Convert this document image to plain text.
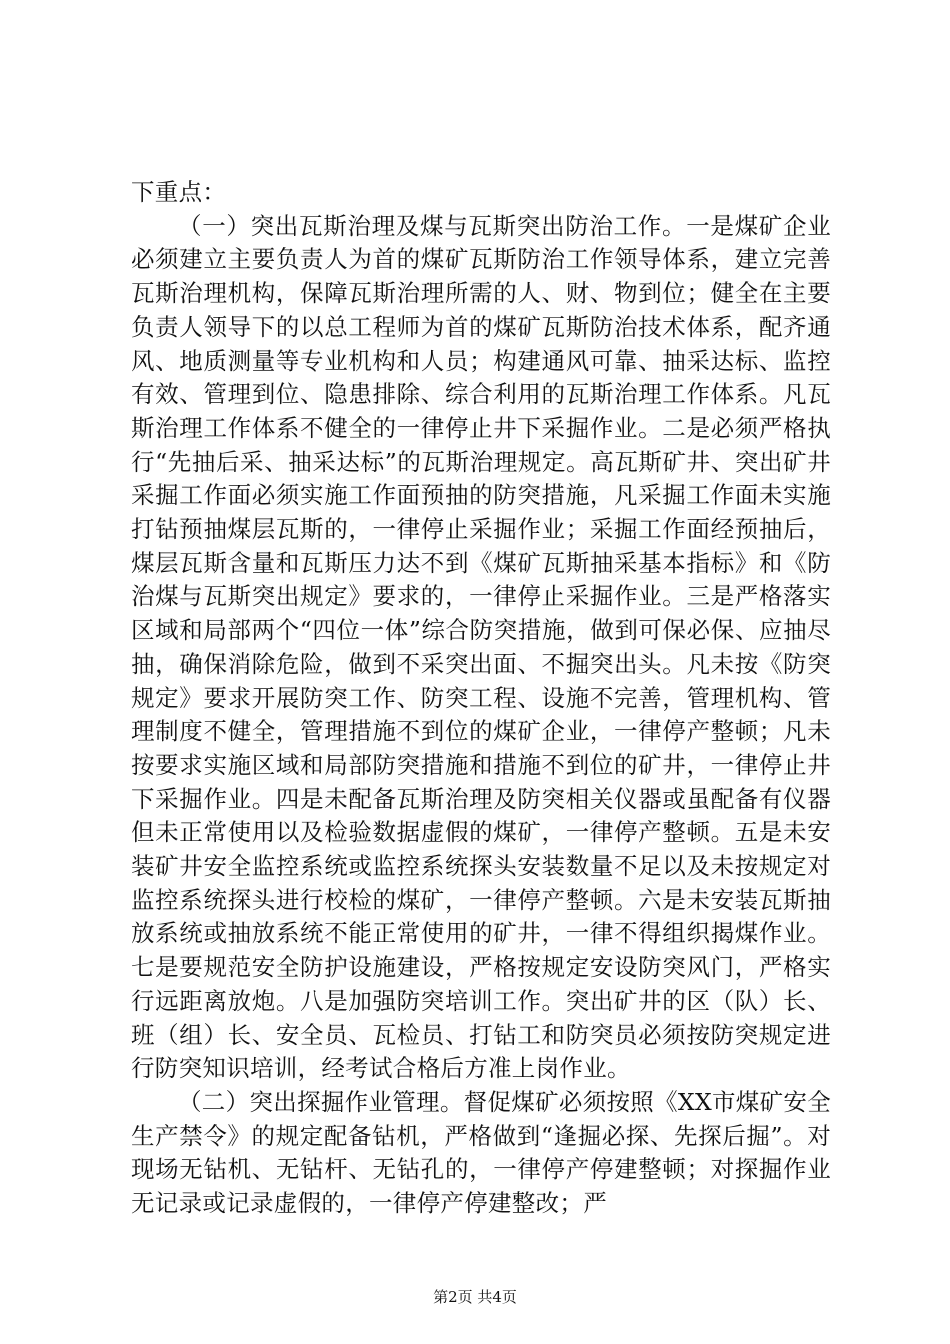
下重点：

（一）突出瓦斯治理及煤与瓦斯突出防治工作。一是煤矿企业必须建立主要负责人为首的煤矿瓦斯防治工作领导体系，建立完善瓦斯治理机构，保障瓦斯治理所需的人、财、物到位；健全在主要负责人领导下的以总工程师为首的煤矿瓦斯防治技术体系，配齐通风、地质测量等专业机构和人员；构建通风可靠、抽采达标、监控有效、管理到位、隐患排除、综合利用的瓦斯治理工作体系。凡瓦斯治理工作体系不健全的一律停止井下采掘作业。二是必须严格执行“先抽后采、抽采达标”的瓦斯治理规定。高瓦斯矿井、突出矿井采掘工作面必须实施工作面预抽的防突措施，凡采掘工作面未实施打钻预抽煤层瓦斯的，一律停止采掘作业；采掘工作面经预抽后，煤层瓦斯含量和瓦斯压力达不到《煤矿瓦斯抽采基本指标》和《防治煤与瓦斯突出规定》要求的，一律停止采掘作业。三是严格落实区域和局部两个“四位一体”综合防突措施，做到可保必保、应抽尽抽，确保消除危险，做到不采突出面、不掘突出头。凡未按《防突规定》要求开展防突工作、防突工程、设施不完善，管理机构、管理制度不健全，管理措施不到位的煤矿企业，一律停产整顿；凡未按要求实施区域和局部防突措施和措施不到位的矿井，一律停止井下采掘作业。四是未配备瓦斯治理及防突相关仪器或虽配备有仪器但未正常使用以及检验数据虚假的煤矿，一律停产整顿。五是未安装矿井安全监控系统或监控系统探头安装数量不足以及未按规定对监控系统探头进行校检的煤矿，一律停产整顿。六是未安装瓦斯抽放系统或抽放系统不能正常使用的矿井，一律不得组织揭煤作业。七是要规范安全防护设施建设，严格按规定安设防突风门，严格实行远距离放炮。八是加强防突培训工作。突出矿井的区（队）长、班（组）长、安全员、瓦检员、打钻工和防突员必须按防突规定进行防突知识培训，经考试合格后方准上岗作业。

（二）突出探掘作业管理。督促煤矿必须按照《XX市煤矿安全生产禁令》的规定配备钻机，严格做到“逢掘必探、先探后掘”。对现场无钻机、无钻杆、无钻孔的，一律停产停建整顿；对探掘作业无记录或记录虚假的，一律停产停建整改；严

第2页 共4页
